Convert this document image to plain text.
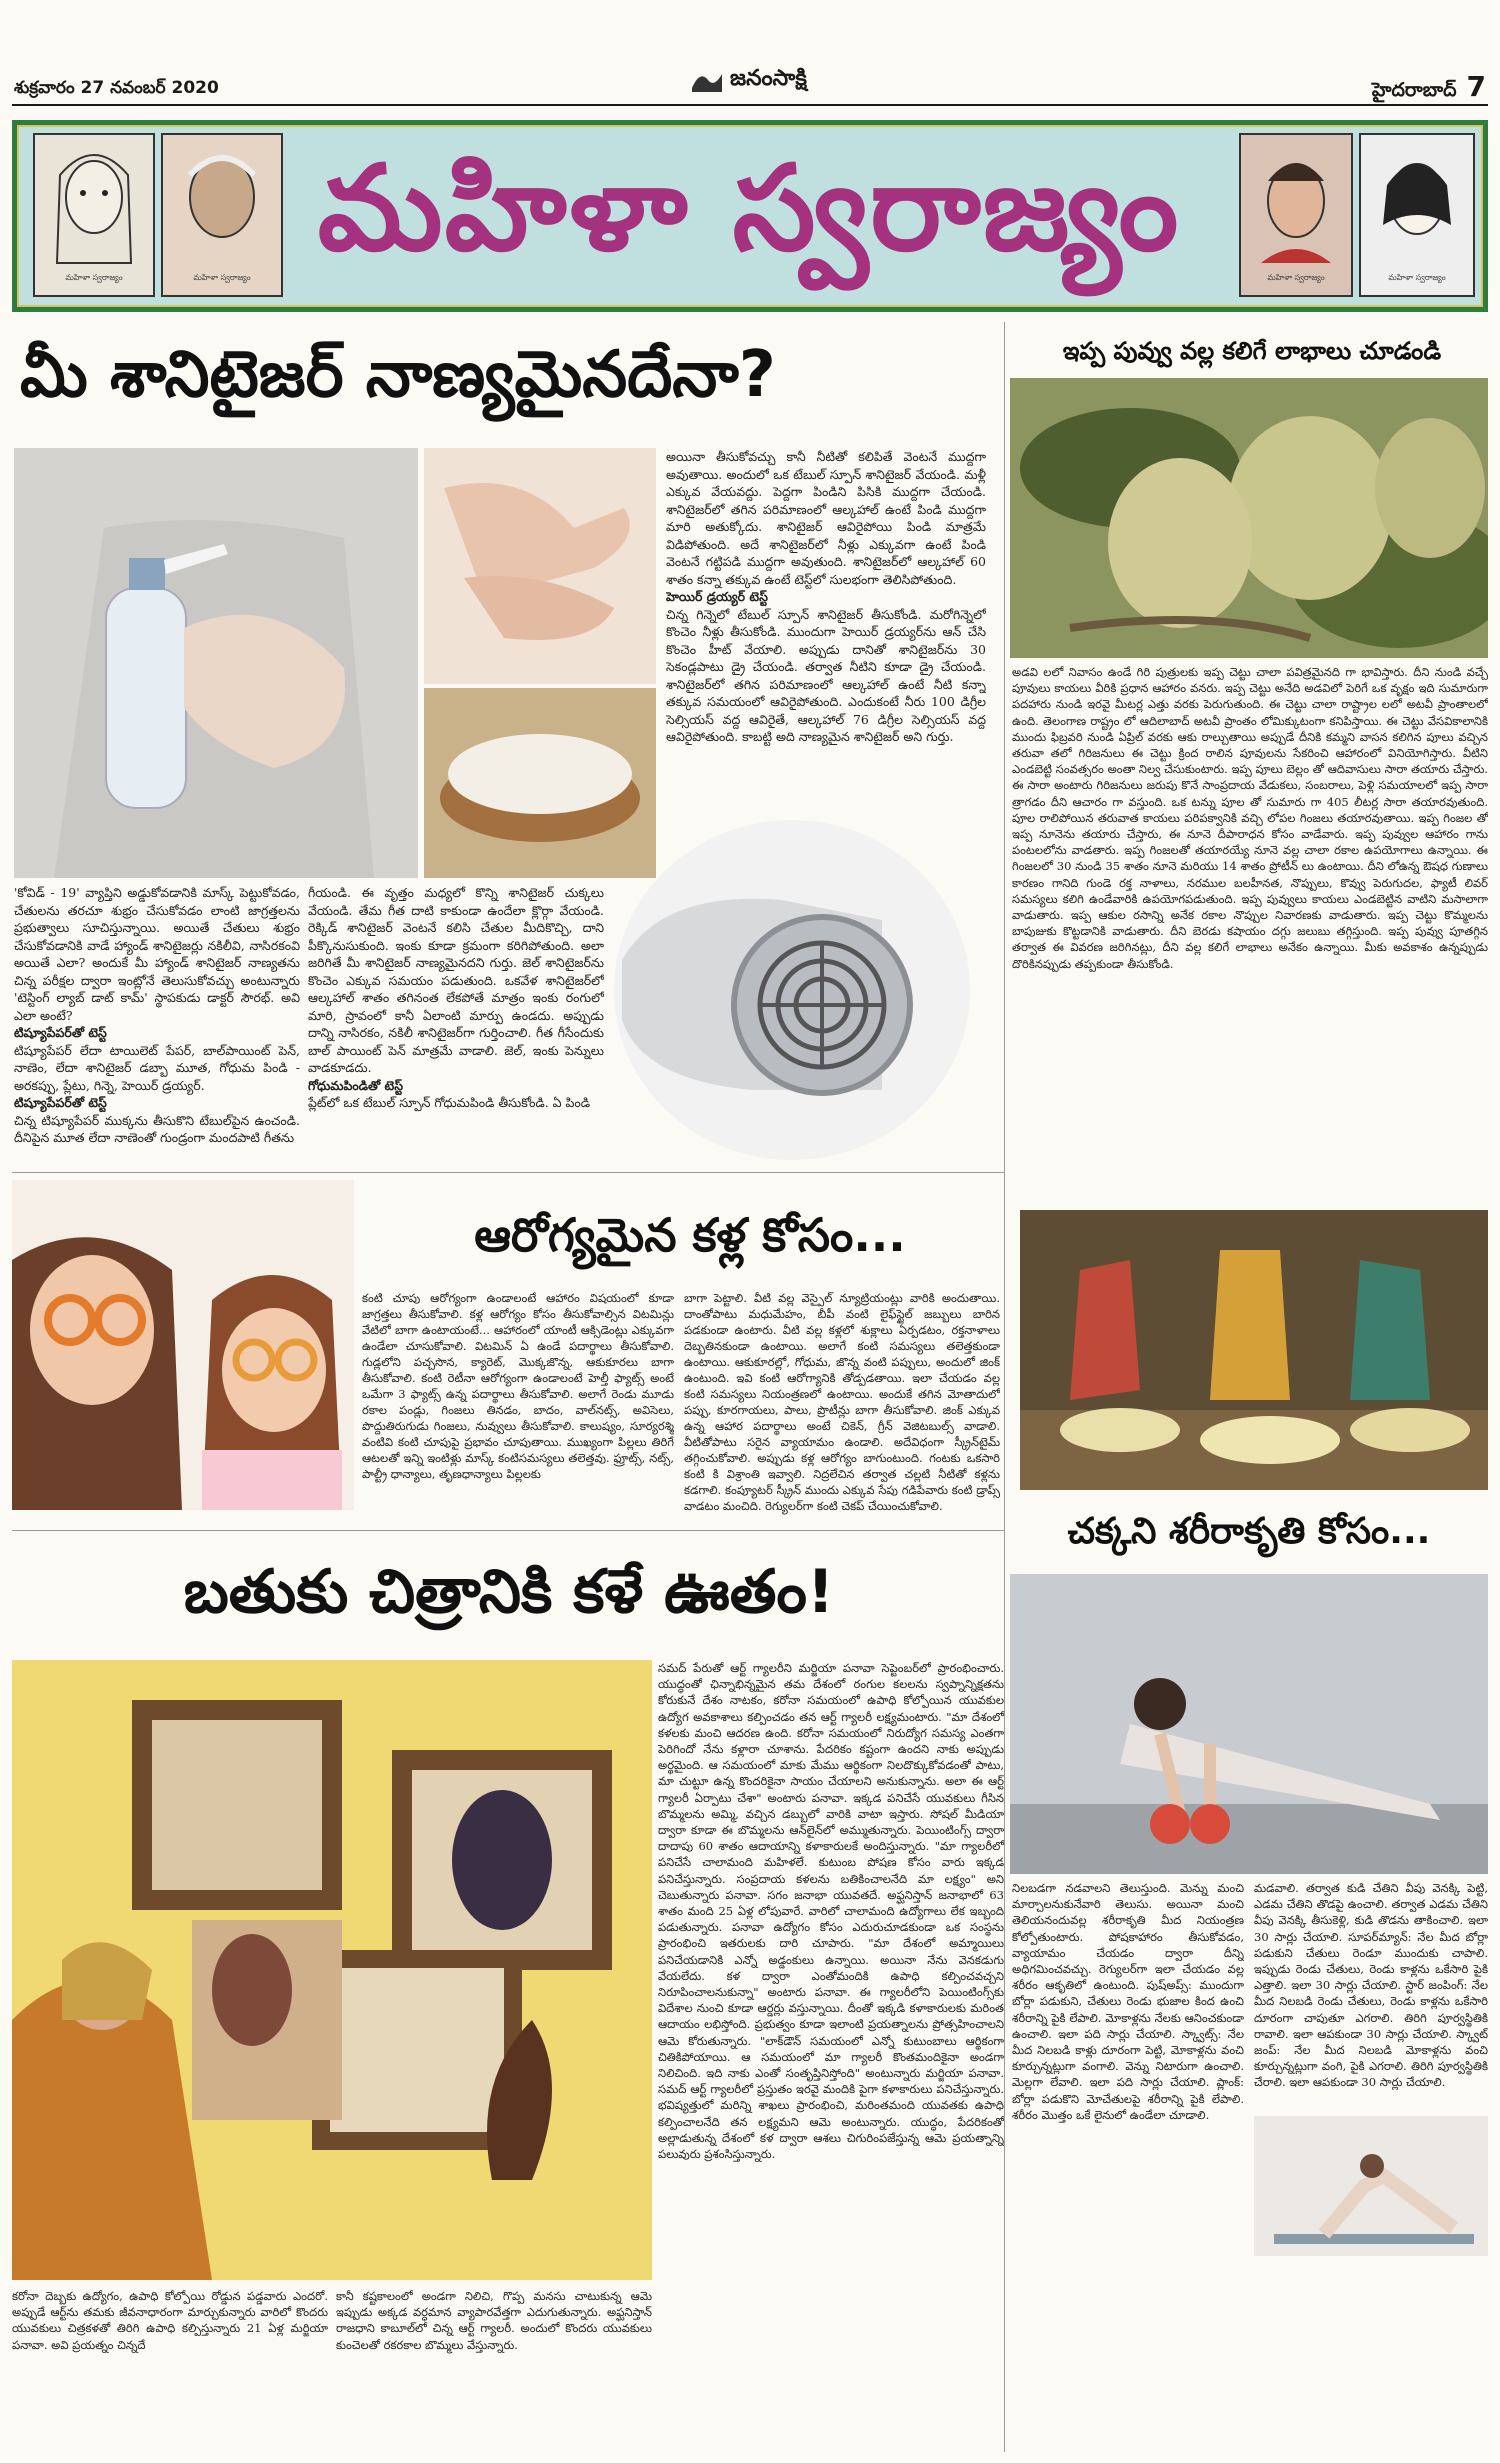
శుక్రవారం 27 నవంబర్ 2020	జనంసాక్షి	హైదరాబాద్ 7
మహిళా స్వరాజ్యం	మహిళా స్వరాజ్యం
మహిళా స్వరాజ్యం
మహిళా స్వరాజ్యం	మహిళా స్వరాజ్యం
మీ శానిటైజర్ నాణ్యమైనదేనా?
అయినా తీసుకోవచ్చు కానీ నీటితో కలిపితే వెంటనే ముద్దగా అవుతాయి. అందులో ఒక టేబుల్ స్పూన్ శానిటైజర్ వేయండి. మళ్లీ ఎక్కువ వేయవద్దు. పెద్దగా పిండిని పిసికి ముద్దగా చేయండి. శానిటైజర్‌లో తగిన పరిమాణంలో ఆల్కహాల్ ఉంటే పిండి ముద్దగా మారి అతుక్కోదు. శానిటైజర్ ఆవిరైపోయి పిండి మాత్రమే విడిపోతుంది. అదే శానిటైజర్‌లో నీళ్లు ఎక్కువగా ఉంటే పిండి వెంటనే గట్టిపడి ముద్దగా అవుతుంది. శానిటైజర్‌లో ఆల్కహాల్ 60 శాతం కన్నా తక్కువ ఉంటే టెస్ట్‌లో సులభంగా తెలిసిపోతుంది.
హెయిర్ డ్రయ్యర్ టెస్ట్
చిన్న గిన్నెలో టేబుల్ స్పూన్ శానిటైజర్ తీసుకోండి. మరోగిన్నెలో కొంచెం నీళ్లు తీసుకోండి. ముందుగా హెయిర్ డ్రయ్యర్‌ను ఆన్ చేసి కొంచెం హీట్ వేయాలి. అప్పుడు దానితో శానిటైజర్‌ను 30 సెకండ్లపాటు డ్రై చేయండి. తర్వాత నీటిని కూడా డ్రై చేయండి. శానిటైజర్‌లో తగిన పరిమాణంలో ఆల్కహాల్ ఉంటే నీటి కన్నా తక్కువ సమయంలో ఆవిరైపోతుంది. ఎందుకంటే నీరు 100 డిగ్రీల సెల్సియస్ వద్ద ఆవిరైతే, ఆల్కహాల్ 76 డిగ్రీల సెల్సియస్ వద్ద ఆవిరైపోతుంది. కాబట్టి అది నాణ్యమైన శానిటైజర్ అని గుర్తు.
'కోవిడ్ - 19' వ్యాప్తిని అడ్డుకోవడానికి మాస్క్ పెట్టుకోవడం, చేతులను తరచూ శుభ్రం చేసుకోవడం లాంటి జాగ్రత్తలను ప్రభుత్వాలు సూచిస్తున్నాయి. అయితే చేతులు శుభ్రం చేసుకోవడానికి వాడే హ్యాండ్ శానిటైజర్లు నకిలీవి, నాసిరకంవి అయితే ఎలా? అందుకే మీ హ్యాండ్ శానిటైజర్ నాణ్యతను చిన్న పరీక్షల ద్వారా ఇంట్లోనే తెలుసుకోవచ్చు అంటున్నారు 'టెస్టింగ్ ల్యాబ్ డాట్ కామ్' స్థాపకుడు డాక్టర్ సౌరభ్. అవి ఎలా అంటే?
టిష్యూపేపర్‌తో టెస్ట్
టిష్యూపేపర్ లేదా టాయిలెట్ పేపర్, బాల్‌పాయింట్ పెన్, నాణెం, లేదా శానిటైజర్ డబ్బా మూత, గోధుమ పిండి - అరకప్పు, ప్లేటు, గిన్నె, హెయిర్ డ్రయ్యర్.
టిష్యూపేపర్‌తో టెస్ట్
చిన్న టిష్యూపేపర్ ముక్కను తీసుకొని టేబుల్‌పైన ఉంచండి. దీనిపైన మూత లేదా నాణెంతో గుండ్రంగా మందపాటి గీతను
గీయండి. ఈ వృత్తం మధ్యలో కొన్ని శానిటైజర్ చుక్కలు వేయండి. తేమ గీత దాటి కాకుండా ఉందేలా క్లొర్గా వేయండి. రెక్కిడ్ శానిటైజర్ వెంటనే కలిసి చేతుల మీదికొచ్చి, దాని పీక్కొనుసుకుంది. ఇంకు కూడా క్రమంగా కరిగిపోతుంది. అలా జరిగితే మీ శానిటైజర్ నాణ్యమైనదని గుర్తు. జెల్ శానిటైజర్‌ను కొంచెం ఎక్కువ సమయం పడుతుంది. ఒకవేళ శానిటైజర్‌లో ఆల్కహాల్ శాతం తగినంత లేకపోతే మాత్రం ఇంకు రంగులో మారి, స్రావంలో కానీ ఏలాంటి మార్పు ఉండదు. అప్పుడు దాన్ని నాసిరకం, నకిలీ శానిటైజర్‌గా గుర్తించాలి. గీత గీసేందుకు బాల్ పాయింట్ పెన్ మాత్రమే వాడాలి. జెల్, ఇంకు పెన్నులు వాడకూడదు.
గోధుమపిండితో టెస్ట్
ప్లేట్‌లో ఒక టేబుల్ స్పూన్ గోధుమపిండి తీసుకోండి. ఏ పిండి
ఇప్ప పువ్వు వల్ల కలిగే లాభాలు చూడండి
అడవి లలో నివాసం ఉండే గిరి పుత్రులకు ఇప్ప చెట్టు చాలా పవిత్రమైనది గా భావిస్తారు. దీని నుండి వచ్చే పూవులు కాయలు వీరికి ప్రధాన ఆహారం వనరు. ఇప్ప చెట్టు అనేది అడవిలో పెరిగే ఒక వృక్షం ఇది సుమారుగా పదహారు నుండి ఇరవై మీటర్ల ఎత్తు వరకు పెరుగుతుంది. ఈ చెట్టు చాలా రాష్ట్రాల లలో అటవీ ప్రాంతాలలో ఉంది. తెలంగాణ రాష్ట్రం లో ఆదిలాబాద్ అటవీ ప్రాంతం లోమిక్కుటంగా కనిపిస్తాయి. ఈ చెట్టు వేసవికాలానికి ముందు ఫిబ్రవరి నుండి ఏప్రిల్ వరకు ఆకు రాల్చుతాయి అప్పుడే దీనికి కమ్మని వాసన కలిగిన పూలు వచ్చిన తరువా తలో గిరిజనులు ఈ చెట్టు క్రింద రాలిన పూవులను సేకరించి ఆహారంలో వినియోగిస్తారు. వీటిని ఎండబెట్టి సంవత్సరం అంతా నిల్వ చేసుకుంటారు. ఇప్ప పూలు బెల్లం తో ఆదివాసులు సారా తయారు చేస్తారు. ఈ సారా అంటారు గిరిజనులు జరుపు కొనే సాంప్రదాయ వేడుకలు, సంబరాలు, పెళ్లి సమయాలలో ఇప్ప సారా త్రాగడం దీని ఆచారం గా వస్తుంది. ఒక టన్ను పూల తో సుమారు గా 405 లీటర్ల సారా తయారవుతుంది. పూల రాలిపోయిన తరువాత కాయలు పరిపక్వానికి వచ్చి లోపల గింజలు తయారవుతాయి. ఇప్ప గింజల తో ఇప్ప నూనెను తయారు చేస్తారు, ఈ నూనె దీపారాధన కోసం వాడేవారు. ఇప్ప పువ్వుల ఆహారం గాను పంటలలోను వాడతారు. ఇప్ప గింజలతో తయారయ్యే నూనె వల్ల చాలా రకాల ఉపయోగాలు ఉన్నాయి. ఈ గింజలలో 30 నుండి 35 శాతం నూనె మరియు 14 శాతం ప్రోటీన్ లు ఉంటాయి. దీని లోఉన్న ఔషధ గుణాలు కారణం గానిది గుండె రక్త నాళాలు, నరముల బలహీనత, నొప్పులు, కొవ్వు పెరుగుదల, ఫ్యాటీ లివర్ సమస్యలు కలిగి ఉండేవారికి ఉపయోగపడుతుంది. ఇప్ప పువ్వులు కాయలు ఎండబెట్టిన వాటిని మసాలాగా వాడుతారు. ఇప్ప ఆకుల రసాన్ని అనేక రకాల నొప్పుల నివారణకు వాడుతారు. ఇప్ప చెట్టు కొమ్మలను బాపుజుకు కొట్టడానికి వాడుతారు. దీని బెరడు కషాయం దగ్గు జలుబు తగ్గిస్తుంది. ఇప్ప పువ్వు పూతగ్గిన తర్వాత ఈ వివరణ జరిగినట్లు, దీని వల్ల కలిగే లాభాలు అనేకం ఉన్నాయి. మీకు అవకాశం ఉన్నప్పుడు దొరికినప్పుడు తప్పకుండా తీసుకోండి.
ఆరోగ్యమైన కళ్ల కోసం...
కంటి చూపు ఆరోగ్యంగా ఉండాలంటే ఆహారం విషయంలో కూడా జాగ్రత్తలు తీసుకోవాలి. కళ్ల ఆరోగ్యం కోసం తీసుకోవాల్సిన విటమిన్లు వేటిలో బాగా ఉంటాయంటే... ఆహారంలో యాంటీ ఆక్సిడెంట్లు ఎక్కువగా ఉండేలా చూసుకోవాలి. విటమిన్ ఏ ఉండే పదార్థాలు తీసుకోవాలి. గుడ్లలోని పచ్చసొన, క్యారెట్, మొక్కజొన్న, ఆకుకూరలు బాగా తీసుకోవాలి. కంటి రెటీనా ఆరోగ్యంగా ఉండాలంటే హెల్తీ ఫ్యాట్స్ అంటే ఒమేగా 3 ఫ్యాట్స్ ఉన్న పదార్థాలు తీసుకోవాలి. అలాగే రెండు మూడు రకాల పండ్లు, గింజలు తినడం, బాదం, వాల్‌నట్స్, అవిసెలు, పొద్దుతిరుగుడు గింజలు, నువ్వులు తీసుకోవాలి. కాలుష్యం, సూర్యరశ్మి వంటివి కంటి చూపుపై ప్రభావం చూపుతాయి. ముఖ్యంగా పిల్లలు తిరిగే ఆటలతో ఇన్ని ఇంటిళ్లు మాస్క్ కంటిసమస్యలు తలెత్తవు. ఫ్రూట్స్, నట్స్, పాల్ట్రీ ధాన్యాలు, తృణధాన్యాలు పిల్లలకు
బాగా పెట్టాలి. వీటి వల్ల వెస్పైల్ న్యూట్రియంట్లు వారికి అందుతాయి. దాంతోపాటు మధుమేహం, బీపీ వంటి లైఫ్‌స్టైల్ జబ్బులు బారిన పడకుండా ఉంటారు. వీటి వల్ల కళ్లలో శుక్లాలు ఏర్పడటం, రక్తనాళాలు దెబ్బతినకుండా ఉంటాయి. అలాగే కంటి సమస్యలు తలెత్తకుండా ఉంటాయి. ఆకుకూరల్లో, గోధుమ, జొన్న వంటి పప్పులు, అందులో జింక్ ఉంటుంది. ఇవి కంటి ఆరోగ్యానికి తోడ్పడతాయి. ఇలా చేయడం వల్ల కంటి సమస్యలు నియంత్రణలో ఉంటాయి. అందుకే తగిన మోతాదులో పప్పు, కూరగాయలు, పాలు, ప్రొటీన్లు బాగా తీసుకోవాలి. జింక్ ఎక్కువ ఉన్న ఆహార పదార్థాలు అంటే చికెన్, గ్రీన్ వెజిటబుల్స్ వాడాలి. వీటితోపాటు సరైన వ్యాయామం ఉండాలి. అదేవిధంగా స్క్రీన్‌టైమ్ తగ్గించుకోవాలి. అప్పుడు కళ్ల ఆరోగ్యం బాగుంటుంది. గంటకు ఒకసారి కంటి కి విశ్రాంతి ఇవ్వాలి. నిద్రలేచిన తర్వాత చల్లటి నీటితో కళ్లను కడగాలి. కంప్యూటర్ స్క్రీన్ ముందు ఎక్కువ సేపు గడిపేవారు కంటి డ్రాప్స్ వాడటం మంచిది. రెగ్యులర్‌గా కంటి చెకప్ చేయించుకోవాలి.
చక్కని శరీరాకృతి కోసం...
నిలబడగా నడవాలని తెలుస్తుంది. మెన్ను మంచి మార్చాలనుకునేవారి తెలుసు. అయినా మంచి తెలియనందువల్ల శరీరాకృతి మీద నియంత్రణ కోల్పోతుంటారు. పోషకాహారం తీసుకోవడం, వ్యాయామం చేయడం ద్వారా దీన్ని అధిగమించవచ్చు. రెగ్యులర్‌గా ఇలా చేయడం వల్ల శరీరం ఆకృతిలో ఉంటుంది. పుష్‌అప్స్‌: ముందుగా బోర్లా పడుకుని, చేతులు రెండు భుజాల కింద ఉంచి శరీరాన్ని పైకి లేపాలి. మోకాళ్లను నేలకు ఆనించకుండా ఉంచాలి. ఇలా పది సార్లు చేయాలి. స్క్వాట్స్‌: నేల మీద నిలబడి కాళ్లు దూరంగా పెట్టి, మోకాళ్లను వంచి కూర్చున్నట్లుగా వంగాలి. వెన్ను నిటారుగా ఉంచాలి. మెల్లగా లేవాలి. ఇలా పది సార్లు చేయాలి. ప్లాంక్‌: బోర్లా పడుకొని మోచేతులపై శరీరాన్ని పైకి లేపాలి. శరీరం మొత్తం ఒకే లైనులో ఉండేలా చూడాలి.
మడవాలి. తర్వాత కుడి చేతిని వీపు వెనక్కి పెట్టి, ఎడమ చేతిని తొడపై ఉంచాలి. తర్వాత ఎడమ చేతిని వీపు వెనక్కి తీసుకెళ్లి, కుడి తొడను తాకించాలి. ఇలా 30 సార్లు చేయాలి. సూపర్‌మ్యాన్‌: నేల మీద బోర్లా పడుకుని చేతులు రెండూ ముందుకు చాపాలి. ఇప్పుడు రెండు చేతులు, రెండు కాళ్లను ఒకేసారి పైకి ఎత్తాలి. ఇలా 30 సార్లు చేయాలి. స్టార్ జంపింగ్‌: నేల మీద నిలబడి రెండు చేతులు, రెండు కాళ్లను ఒకేసారి దూరంగా చాపుతూ ఎగరాలి. తిరిగి పూర్వస్థితికి రావాలి. ఇలా ఆపకుండా 30 సార్లు చేయాలి. స్క్వాట్‌ జంప్‌: నేల మీద నిలబడి మోకాళ్లను వంచి కూర్చున్నట్లుగా వంగి, పైకి ఎగరాలి. తిరిగి పూర్వస్థితికి చేరాలి. ఇలా ఆపకుండా 30 సార్లు చేయాలి.
బతుకు చిత్రానికి కళే ఊతం!
సమద్ పేరుతో ఆర్ట్ గ్యాలరీని మర్జియా పనావా సెప్టెంబర్‌లో ప్రారంభించారు. యుద్ధంతో ఛిన్నాభిన్నమైన తమ దేశంలో రంగుల కలలను స్వప్నాన్నిక్షతను కోరుకునే దేశం నాటకం, కరోనా సమయంలో ఉపాధి కోల్పోయిన యువకుల ఉద్యోగ అవకాశాలు కల్పించడం తన ఆర్ట్ గ్యాలరీ లక్ష్యమంటారు. "మా దేశంలో కళలకు మంచి ఆదరణ ఉంది. కరోనా సమయంలో నిరుద్యోగ సమస్య ఎంతగా పెరిగిందో నేను కళ్లారా చూశాను. పేదరికం కష్టంగా ఉందని నాకు అప్పుడు అర్థమైంది. ఆ సమయంలో మాకు మేము ఆర్థికంగా నిలదొక్కుకోవడంతో పాటు, మా చుట్టూ ఉన్న కొందరికైనా సాయం చేయాలని అనుకున్నాను. అలా ఈ ఆర్ట్ గ్యాలరీ ఏర్పాటు చేశా" అంటారు పనావా. ఇక్కడ పనిచేసే యువకులు గీసిన బొమ్మలను అమ్మి, వచ్చిన డబ్బులో వారికి వాటా ఇస్తారు. సోషల్ మీడియా ద్వారా కూడా ఈ బొమ్మలను ఆన్‌లైన్‌లో అమ్ముతున్నారు. పెయింటింగ్స్ ద్వారా దాదాపు 60 శాతం ఆదాయాన్ని కళాకారులకే అందిస్తున్నారు. "మా గ్యాలరీలో పనిచేసే చాలామంది మహిళలే. కుటుంబ పోషణ కోసం వారు ఇక్కడ పనిచేస్తున్నారు. సంప్రదాయ కళలను బతికించాలనేది మా లక్ష్యం" అని చెబుతున్నారు పనావా. సగం జనాభా యువతదే. అఫ్ఘనిస్తాన్ జనాభాలో 63 శాతం మంది 25 ఏళ్ల లోపువారే. వారిలో చాలామంది ఉద్యోగాలు లేక ఇబ్బంది పడుతున్నారు. పనావా ఉద్యోగం కోసం ఎదురుచూడకుండా ఒక సంస్థను ప్రారంభించి ఇతరులకు దారి చూపారు. "మా దేశంలో అమ్మాయిలు పనిచేయడానికి ఎన్నో అడ్డంకులు ఉన్నాయి. అయినా నేను వెనకడుగు వేయలేదు. కళ ద్వారా ఎంతోమందికి ఉపాధి కల్పించవచ్చని నిరూపించాలనుకున్నా" అంటారు పనావా. ఈ గ్యాలరీలోని పెయింటింగ్స్‌కు విదేశాల నుంచి కూడా ఆర్డర్లు వస్తున్నాయి. దీంతో ఇక్కడి కళాకారులకు మరింత ఆదాయం లభిస్తోంది. ప్రభుత్వం కూడా ఇలాంటి ప్రయత్నాలను ప్రోత్సహించాలని ఆమె కోరుతున్నారు. "లాక్‌డౌన్ సమయంలో ఎన్నో కుటుంబాలు ఆర్థికంగా చితికిపోయాయి. ఆ సమయంలో మా గ్యాలరీ కొంతమందికైనా అండగా నిలిచింది. ఇది నాకు ఎంతో సంతృప్తినిస్తోంది" అంటున్నారు మర్జియా పనావా. సమద్ ఆర్ట్ గ్యాలరీలో ప్రస్తుతం ఇరవై మందికి పైగా కళాకారులు పనిచేస్తున్నారు. భవిష్యత్తులో మరిన్ని శాఖలు ప్రారంభించి, మరింతమంది యువతకు ఉపాధి కల్పించాలనేది తన లక్ష్యమని ఆమె అంటున్నారు. యుద్ధం, పేదరికంతో అల్లాడుతున్న దేశంలో కళ ద్వారా ఆశలు చిగురింపజేస్తున్న ఆమె ప్రయత్నాన్ని పలువురు ప్రశంసిస్తున్నారు.
కరోనా దెబ్బకు ఉద్యోగం, ఉపాధి కోల్పోయి రోడ్డున పడ్డవారు ఎందరో. అప్పుడే ఆర్ట్‌ను తమకు జీవనాధారంగా మార్చుకున్నారు వారిలో కొందరు యువకులు చిత్రకళతో తిరిగి ఉపాధి కల్పిస్తున్నారు 21 ఏళ్ల మర్జియా పనావా. అవి ప్రయత్నం చిన్నదే
కానీ కష్టకాలంలో అండగా నిలిచి, గొప్ప మనసు చాటుకున్న ఆమె ఇప్పుడు అక్కడ వర్ధమాన వ్యాపారవేత్తగా ఎదుగుతున్నారు. అఫ్ఘనిస్తాన్ రాజధాని కాబూల్‌లో చిన్న ఆర్ట్ గ్యాలరీ. అందులో కొందరు యువకులు కుంచెలతో రకరకాల బొమ్మలు వేస్తున్నారు.
